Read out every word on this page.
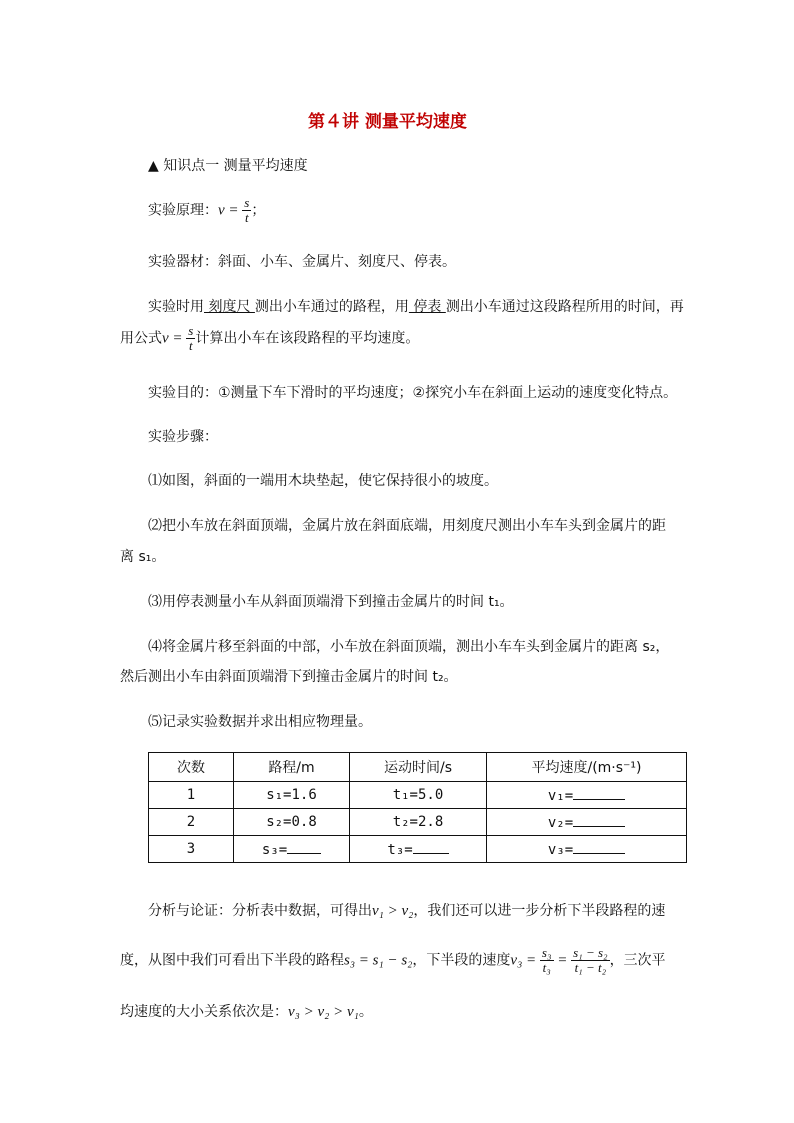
第４讲 测量平均速度
▲ 知识点一 测量平均速度
实验原理：$v = \frac{s}{t}$ ；
实验器材：斜面、小车、金属片、刻度尺、停表。
实验时用 刻度尺 测出小车通过的路程，用 停表 测出小车通过这段路程所用的时间，再
用公式$v = \frac{s}{t}$ 计算出小车在该段路程的平均速度。
实验目的：①测量下车下滑时的平均速度；②探究小车在斜面上运动的速度变化特点。
实验步骤：
⑴如图，斜面的一端用木块垫起，使它保持很小的坡度。
⑵把小车放在斜面顶端，金属片放在斜面底端，用刻度尺测出小车车头到金属片的距
离 s₁。
⑶用停表测量小车从斜面顶端滑下到撞击金属片的时间 t₁。
⑷将金属片移至斜面的中部，小车放在斜面顶端，测出小车车头到金属片的距离 s₂，
然后测出小车由斜面顶端滑下到撞击金属片的时间 t₂。
⑸记录实验数据并求出相应物理量。
次数	路程/m	运动时间/s	平均速度/(m·s⁻¹)
1	s₁=1.6	t₁=5.0	v₁=
2	s₂=0.8	t₂=2.8	v₂=
3	s₃=	t₃=	v₃=
分析与论证：分析表中数据，可得出v₁ > v₂，我们还可以进一步分析下半段路程的速
度，从图中我们可看出下半段的路程s₃ = s₁ − s₂，下半段的速度$v_3 = \frac{\text{s₃}}{\text{t₃}} = \frac{\text{s₁ − s₂}}{\text{t₁ − t₂}}$ ，三次平
均速度的大小关系依次是：v₃ > v₂ > v₁。
